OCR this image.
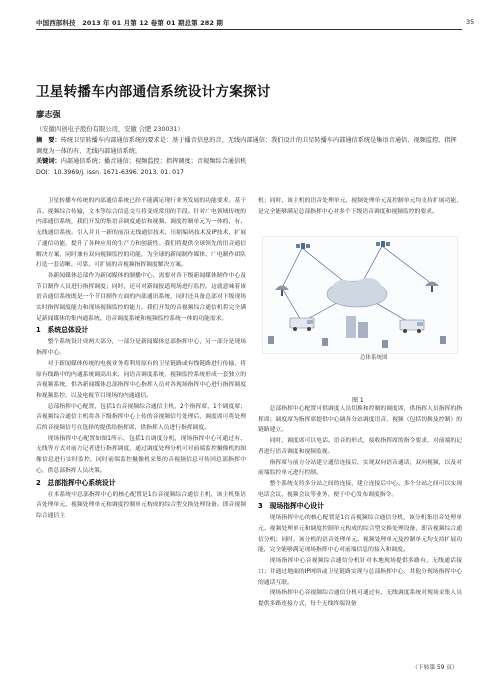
中国西部科技　2013 年 01 月第 12 卷第 01 期总第 282 期	35
卫星转播车内部通信系统设计方案探讨
廖志强
（安徽四创电子股份有限公司，安徽 合肥 230031）
摘　要：传统卫星转播车内部通信系统的要求是：基于播音信息的音、无线内部通信；我们设计的卫星转播车内部通信系统是集语音通信、视频监控、指挥调度为一体的有、无线内部通信系统。
关键词：内部通信系统；播音通信；视频监控；指挥调度；音视频综合通信机
DOI：10.3969/j. issn. 1671-6396. 2013. 01. 017

卫星转播车传统的内部通信系统已经不能满足现行业务发展的功能要求。基于音、视频综合传输，文本等综合信息交互将变成常用的手段。针对广电领域传统的内部通信系统，我们开发的集语音调度通信和视频、调度控制单元为一体的，有、无线通信系统。引入并且一新的前沿无线通信技术，压缩编码技术及IP技术，扩展了通信功能，提升了各种应用的生产力和创新性。我们将提供全球领先的语音通信解决方案，同时兼有双向视频监控的功能，为全球的新闻制作媒体、广电制作团队打造一套清晰、可靠、可扩展的音视频指挥调度解决方案。

各新闻媒体总部作为新闻媒体的制播中心，需要对各下级新闻媒体制作中心及节目制作人员进行指挥调度；同时，还可对新闻报道现场进行监控。这就意味着该语音通信系统既是一个节目制作方面的内部通讯系统，同时还具备总部对下级现场实时指挥调度能力和现场视频监控的能力。我们开发的音视频综合通信机将完全满足新闻媒体的集内通系统、语音调度系统和视频监控系统一体的功能需求。

1　系统总体设计

整个系统设计成两大部分，一部分是新闻媒体总部指挥中心，另一部分是现场指挥中心。

对于新闻媒体传统的电视业务将利用原有的卫星链路或有线链路进行传输，将原有线路中的内通系统调高出来，同语音调度系统，视频监控系统形成一套独立的音视频系统，供各新闻媒体总部指挥中心指挥人员对各现场指挥中心进行指挥调度和视频监控，以及电视节目现场的内通通信。

总部指挥中心配置，包括1台音视频综合通信主机，2个指挥席，1个调度席；音视频综合通信主机将各下级指挥中心上传的音视频信号处理后，调度席可将处理后的音视频信号在选择的提供给指挥席，供指挥人员进行指挥调度。

现场指挥中心配置如图1所示，包括1台调度分机，现场指挥中心可通过有、无线等方式对前方记者进行指挥调度，通过调度处理分机可对前端监控摄像机的图像信息进行实时监控，同时前端监控摄像机采集的音视频信息可传回总部指挥中心，供总部指挥人员决策。

2　总部指挥中心系统设计

在本系统中总部指挥中心的核心配置是1台音视频综合通信主机，该主机集语音处理单元、视频处理单元和调度控制单元构成的综合型交换处理设备。即音视频综合通信主

机；同时，该主机的语音处理单元、视频处理单元及控制单元均支持扩展功能，是完全能够满足总部指挥中心对多个下级语音调度和视频监控的要求。

总体系统图
图 1

总部指挥中心配置可供调度人员切换和控制的调度席，供指挥人员指挥的指挥席；调度席为指挥席提供中心调各分站调度语音、视频（包括切换及控制）的链路建立。

同时，调度席可以电话、语音的形式，接收指挥席的指令要求，对前端的记者进行语音调度和视频监视。

指挥席与前方分站建立通信连接后，实现双向语音通话，双向视频，以及对前端监控单元进行控制。

整个系统支持多分站之间的连接，建立连接后中心、多个分站之间可以实现电话会议、视频会议等业务，便于中心发布调度指令。

3　现场指挥中心设计

现场指挥中心的核心配置是1台音视频综合通信分机，该分机集语音处理单元、视频处理单元和调度控制单元构成的综合型交换处理设备，即音视频综合通信分机；同时，该分机的语音处理单元、视频处理单元及控制单元均支持扩展功能，完全能够满足现场指挥中心对前端信息的接入和调度。

现场指挥中心音视频综合通信分机针对本地现场提供多路有、无线通话接口；并通过地面的IP网络或卫星链路实现与总部指挥中心、其他分现场指挥中心的通话互联。

现场指挥中心音视频综合通信分机可通过有、无线调度系统对现场采集人员提供多路连接方式，每个无线终端设备

（下转第 59 页）
